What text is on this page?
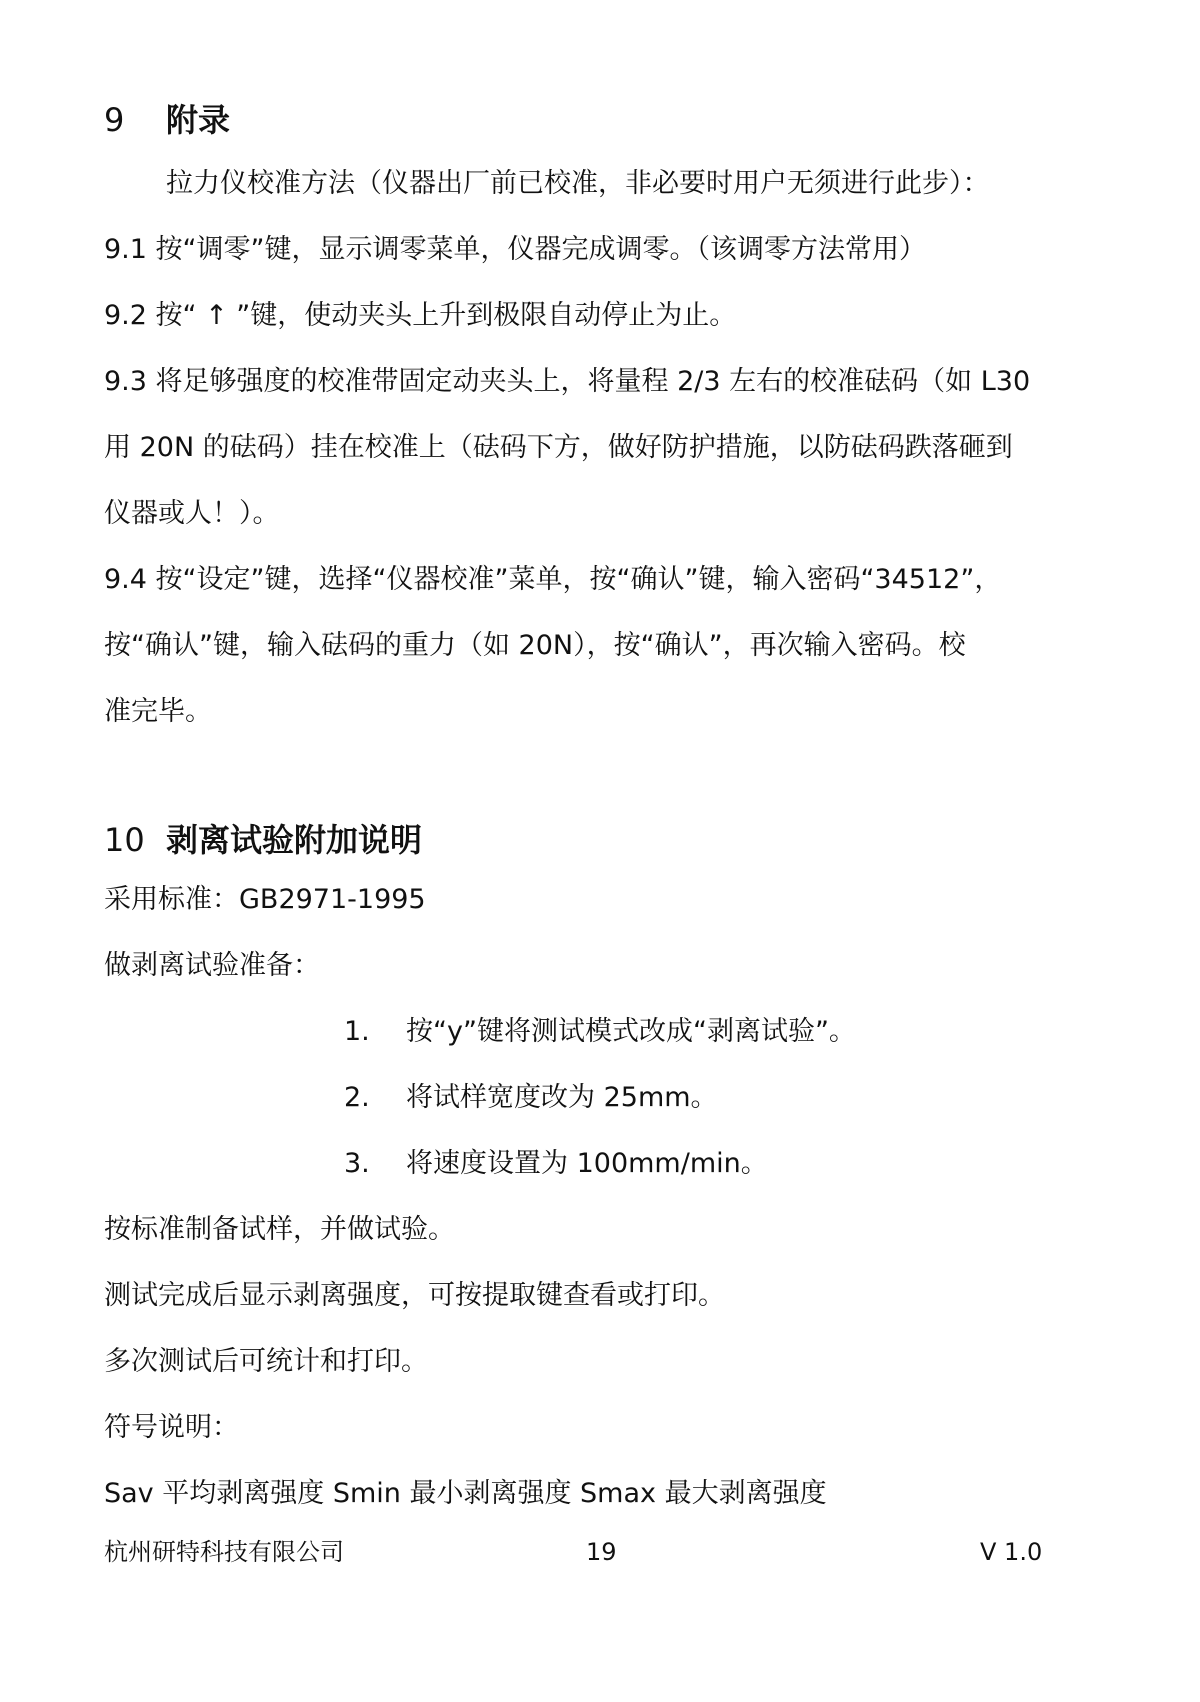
9 附录
拉力仪校准方法（仪器出厂前已校准，非必要时用户无须进行此步）：
9.1 按“调零”键，显示调零菜单，仪器完成调零。（该调零方法常用）
9.2 按“ ↑ ”键，使动夹头上升到极限自动停止为止。
9.3 将足够强度的校准带固定动夹头上，将量程 2/3 左右的校准砝码（如 L30
用 20N 的砝码）挂在校准上（砝码下方，做好防护措施，以防砝码跌落砸到
仪器或人！）。
9.4 按“设定”键，选择“仪器校准”菜单，按“确认”键，输入密码“34512”，
按“确认”键，输入砝码的重力（如 20N），按“确认”，再次输入密码。校
准完毕。
10 剥离试验附加说明
采用标准：GB2971-1995
做剥离试验准备：
1. 按“y”键将测试模式改成“剥离试验”。
2. 将试样宽度改为 25mm。
3. 将速度设置为 100mm/min。
按标准制备试样，并做试验。
测试完成后显示剥离强度，可按提取键查看或打印。
多次测试后可统计和打印。
符号说明：
Sav 平均剥离强度 Smin 最小剥离强度 Smax 最大剥离强度
杭州研特科技有限公司	19	V 1.0
